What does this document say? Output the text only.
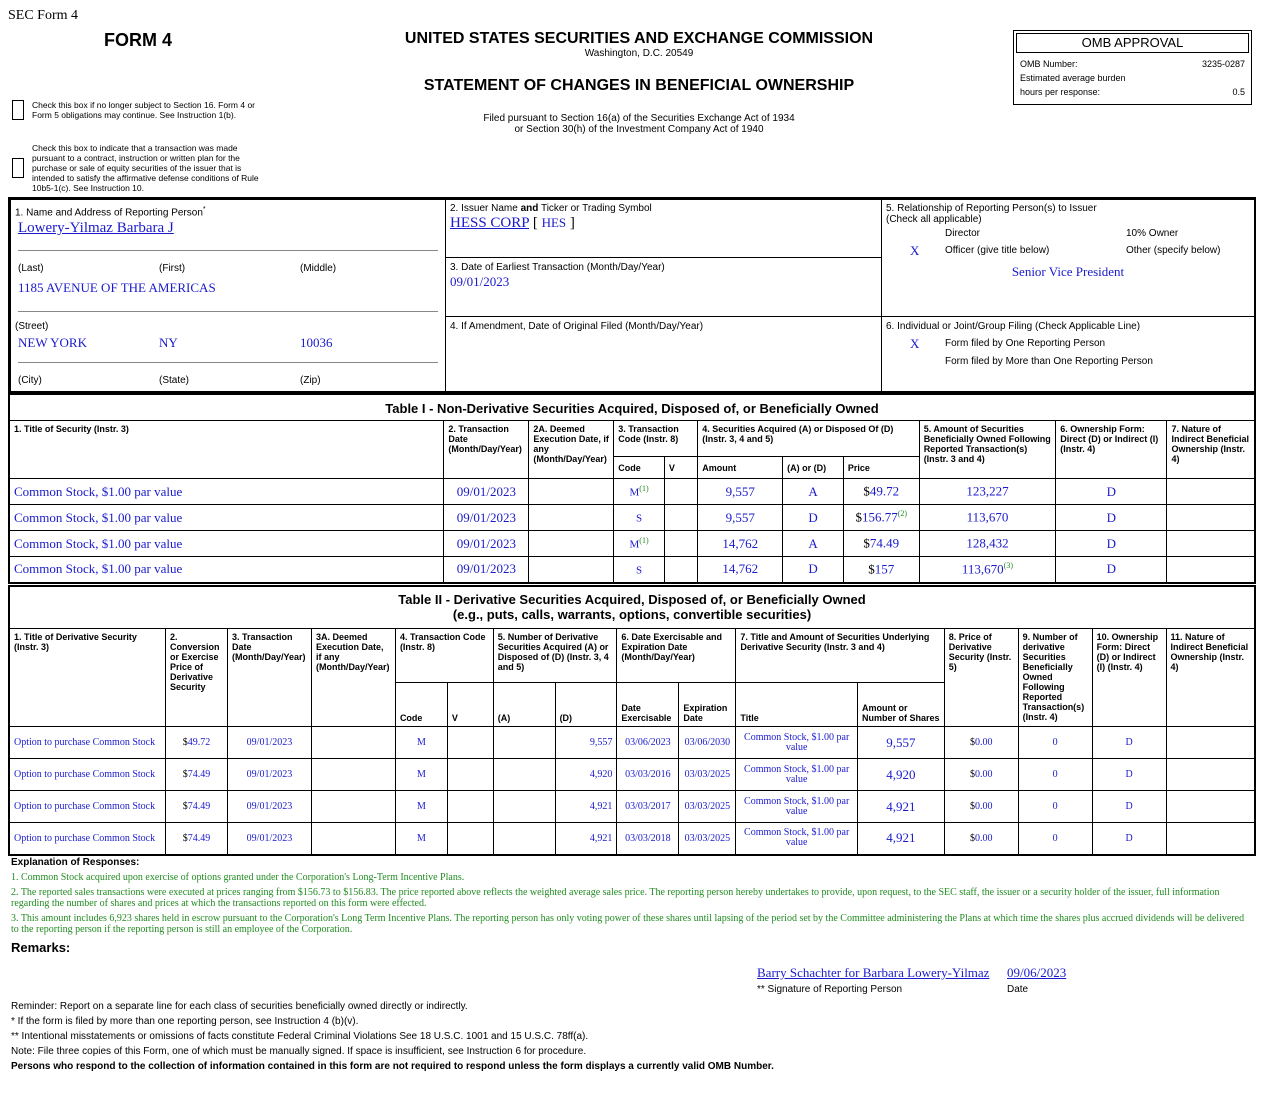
SEC Form 4
FORM 4	UNITED STATES SECURITIES AND EXCHANGE COMMISSION
Washington, D.C. 20549
STATEMENT OF CHANGES IN BENEFICIAL OWNERSHIP
Filed pursuant to Section 16(a) of the Securities Exchange Act of 1934
or Section 30(h) of the Investment Company Act of 1940
Check this box if no longer subject to Section 16. Form 4 or Form 5 obligations may continue. See Instruction 1(b).
Check this box to indicate that a transaction was made pursuant to a contract, instruction or written plan for the purchase or sale of equity securities of the issuer that is intended to satisfy the affirmative defense conditions of Rule 10b5-1(c). See Instruction 10.
OMB APPROVAL
OMB Number:	3235-0287
Estimated average burden
hours per response:	0.5
1. Name and Address of Reporting Person*
Lowery-Yilmaz Barbara J
(Last)	(First)	(Middle)
1185 AVENUE OF THE AMERICAS
(Street)
NEW YORK	NY	10036
(City)	(State)	(Zip)
2. Issuer Name and Ticker or Trading Symbol
HESS CORP [ HES ]
3. Date of Earliest Transaction (Month/Day/Year)
09/01/2023
4. If Amendment, Date of Original Filed (Month/Day/Year)
5. Relationship of Reporting Person(s) to Issuer
(Check all applicable)
Director	10% Owner
X	Officer (give title below)	Other (specify below)
Senior Vice President
6. Individual or Joint/Group Filing (Check Applicable Line)
X	Form filed by One Reporting Person
Form filed by More than One Reporting Person
Table I - Non-Derivative Securities Acquired, Disposed of, or Beneficially Owned										
1. Title of Security (Instr. 3)	2. Transaction Date (Month/Day/Year)	2A. Deemed Execution Date, if any (Month/Day/Year)	3. Transaction Code (Instr. 8)		4. Securities Acquired (A) or Disposed Of (D) (Instr. 3, 4 and 5)			5. Amount of Securities Beneficially Owned Following Reported Transaction(s) (Instr. 3 and 4)	6. Ownership Form: Direct (D) or Indirect (I) (Instr. 4)	7. Nature of Indirect Beneficial Ownership (Instr. 4)
			Code	V	Amount	(A) or (D)	Price			
Common Stock, $1.00 par value	09/01/2023		$M^{(1)}$		9,557	A	$49.72	123,227	D	
Common Stock, $1.00 par value	09/01/2023		S		9,557	D	$156.77$^{(2)}$	113,670	D	
Common Stock, $1.00 par value	09/01/2023		$M^{(1)}$		14,762	A	$74.49	128,432	D	
Common Stock, $1.00 par value	09/01/2023		S		14,762	D	$157	113,670$^{(3)}$	D	
Table II - Derivative Securities Acquired, Disposed of, or Beneficially Owned
(e.g., puts, calls, warrants, options, convertible securities)															

1. Title of Derivative Security (Instr. 3)	2. Conversion or Exercise Price of Derivative Security	3. Transaction Date (Month/Day/Year)	3A. Deemed Execution Date, if any (Month/Day/Year)	4. Transaction Code (Instr. 8)		5. Number of Derivative Securities Acquired (A) or Disposed of (D) (Instr. 3, 4 and 5)		6. Date Exercisable and Expiration Date (Month/Day/Year)		7. Title and Amount of Securities Underlying Derivative Security (Instr. 3 and 4)		8. Price of Derivative Security (Instr. 5)	9. Number of derivative Securities Beneficially Owned Following Reported Transaction(s) (Instr. 4)	10. Ownership Form: Direct (D) or Indirect (I) (Instr. 4)	11. Nature of Indirect Beneficial Ownership (Instr. 4)
				Code	V	(A)	(D)	Date Exercisable	Expiration Date	Title	Amount or Number of Shares				
Option to purchase Common Stock	$49.72	09/01/2023		M			9,557	03/06/2023	03/06/2030	Common Stock, $1.00 par value	9,557	$0.00	0	D	
Option to purchase Common Stock	$74.49	09/01/2023		M			4,920	03/03/2016	03/03/2025	Common Stock, $1.00 par value	4,920	$0.00	0	D	
Option to purchase Common Stock	$74.49	09/01/2023		M			4,921	03/03/2017	03/03/2025	Common Stock, $1.00 par value	4,921	$0.00	0	D	
Option to purchase Common Stock	$74.49	09/01/2023		M			4,921	03/03/2018	03/03/2025	Common Stock, $1.00 par value	4,921	$0.00	0	D	
Explanation of Responses:
1. Common Stock acquired upon exercise of options granted under the Corporation's Long-Term Incentive Plans.
2. The reported sales transactions were executed at prices ranging from $156.73 to $156.83. The price reported above reflects the weighted average sales price. The reporting person hereby undertakes to provide, upon request, to the SEC staff, the issuer or a security holder of the issuer, full information regarding the number of shares and prices at which the transactions reported on this form were effected.
3. This amount includes 6,923 shares held in escrow pursuant to the Corporation's Long Term Incentive Plans. The reporting person has only voting power of these shares until lapsing of the period set by the Committee administering the Plans at which time the shares plus accrued dividends will be delivered to the reporting person if the reporting person is still an employee of the Corporation.
Remarks:
Barry Schachter for Barbara Lowery-Yilmaz 09/06/2023
** Signature of Reporting Person	Date
Reminder: Report on a separate line for each class of securities beneficially owned directly or indirectly.
* If the form is filed by more than one reporting person, see Instruction 4 (b)(v).
** Intentional misstatements or omissions of facts constitute Federal Criminal Violations See 18 U.S.C. 1001 and 15 U.S.C. 78ff(a).
Note: File three copies of this Form, one of which must be manually signed. If space is insufficient, see Instruction 6 for procedure.
Persons who respond to the collection of information contained in this form are not required to respond unless the form displays a currently valid OMB Number.
